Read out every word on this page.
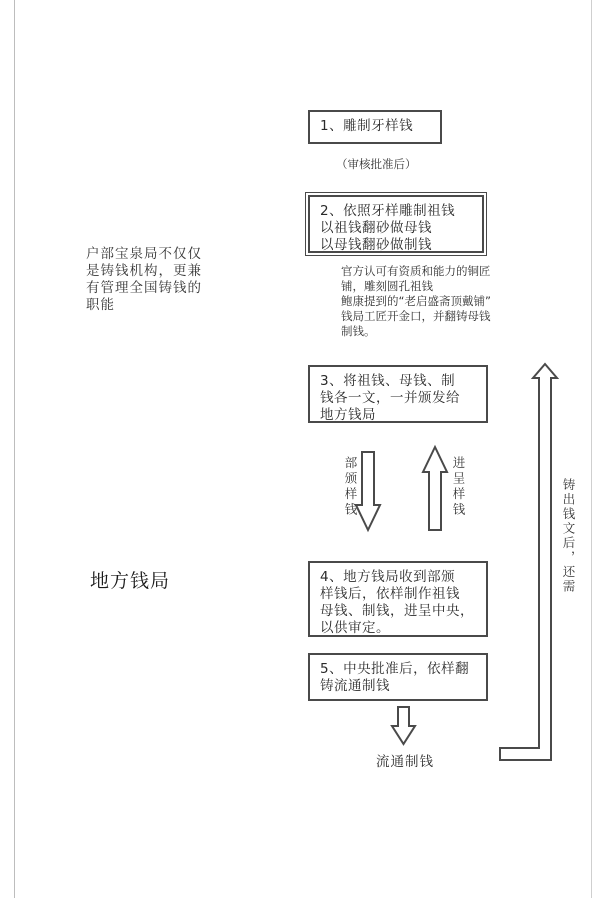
户部宝泉局不仅仅
是铸钱机构，更兼
有管理全国铸钱的
职能
地方钱局
1、雕制牙样钱
（审核批准后）
2、依照牙样雕制祖钱
以祖钱翻砂做母钱
以母钱翻砂做制钱
官方认可有资质和能力的铜匠
铺，雕刻圆孔祖钱
鲍康提到的“老启盛斋顶戴铺”
钱局工匠开金口，并翻铸母钱
制钱。
3、将祖钱、母钱、制
钱各一文，一并颁发给
地方钱局
部颁样钱	进呈样钱
4、地方钱局收到部颁
样钱后，依样制作祖钱
母钱、制钱，进呈中央，
以供审定。
5、中央批准后，依样翻
铸流通制钱
流通制钱
铸出钱文后，还需
